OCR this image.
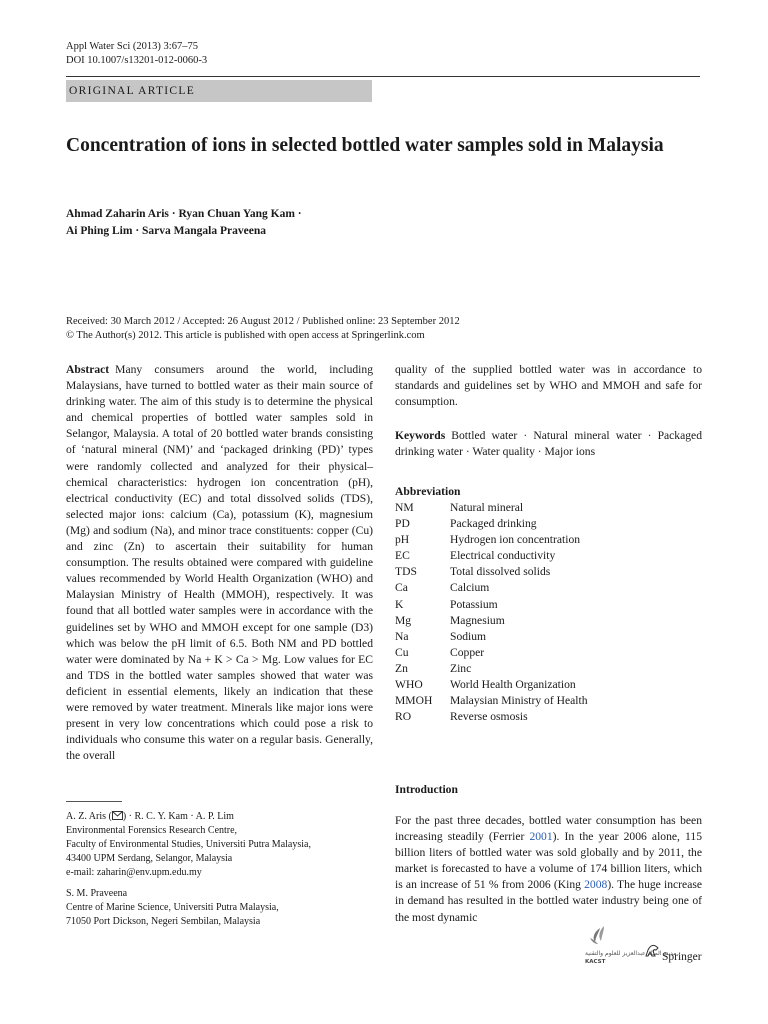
Appl Water Sci (2013) 3:67–75
DOI 10.1007/s13201-012-0060-3
ORIGINAL ARTICLE
Concentration of ions in selected bottled water samples sold in Malaysia
Ahmad Zaharin Aris · Ryan Chuan Yang Kam ·
Ai Phing Lim · Sarva Mangala Praveena
Received: 30 March 2012 / Accepted: 26 August 2012 / Published online: 23 September 2012
© The Author(s) 2012. This article is published with open access at Springerlink.com
Abstract Many consumers around the world, including Malaysians, have turned to bottled water as their main source of drinking water. The aim of this study is to determine the physical and chemical properties of bottled water samples sold in Selangor, Malaysia. A total of 20 bottled water brands consisting of ‘natural mineral (NM)’ and ‘packaged drinking (PD)’ types were randomly collected and analyzed for their physical–chemical characteristics: hydrogen ion concentration (pH), electrical conductivity (EC) and total dissolved solids (TDS), selected major ions: calcium (Ca), potassium (K), magnesium (Mg) and sodium (Na), and minor trace constituents: copper (Cu) and zinc (Zn) to ascertain their suitability for human consumption. The results obtained were compared with guideline values recommended by World Health Organization (WHO) and Malaysian Ministry of Health (MMOH), respectively. It was found that all bottled water samples were in accordance with the guidelines set by WHO and MMOH except for one sample (D3) which was below the pH limit of 6.5. Both NM and PD bottled water were dominated by Na + K > Ca > Mg. Low values for EC and TDS in the bottled water samples showed that water was deficient in essential elements, likely an indication that these were removed by water treatment. Minerals like major ions were present in very low concentrations which could pose a risk to individuals who consume this water on a regular basis. Generally, the overall
quality of the supplied bottled water was in accordance to standards and guidelines set by WHO and MMOH and safe for consumption.
Keywords Bottled water · Natural mineral water · Packaged drinking water · Water quality · Major ions
Abbreviation
NM	Natural mineral
PD	Packaged drinking
pH	Hydrogen ion concentration
EC	Electrical conductivity
TDS	Total dissolved solids
Ca	Calcium
K	Potassium
Mg	Magnesium
Na	Sodium
Cu	Copper
Zn	Zinc
WHO	World Health Organization
MMOH	Malaysian Ministry of Health
RO	Reverse osmosis
Introduction
For the past three decades, bottled water consumption has been increasing steadily (Ferrier 2001). In the year 2006 alone, 115 billion liters of bottled water was sold globally and by 2011, the market is forecasted to have a volume of 174 billion liters, which is an increase of 51 % from 2006 (King 2008). The huge increase in demand has resulted in the bottled water industry being one of the most dynamic
A. Z. Aris ( ) · R. C. Y. Kam · A. P. Lim
Environmental Forensics Research Centre,
Faculty of Environmental Studies, Universiti Putra Malaysia,
43400 UPM Serdang, Selangor, Malaysia
e-mail: zaharin@env.upm.edu.my
S. M. Praveena
Centre of Marine Science, Universiti Putra Malaysia,
71050 Port Dickson, Negeri Sembilan, Malaysia
مدينة الملك عبدالعزيز للعلوم والتقنية
KACST	Springer
